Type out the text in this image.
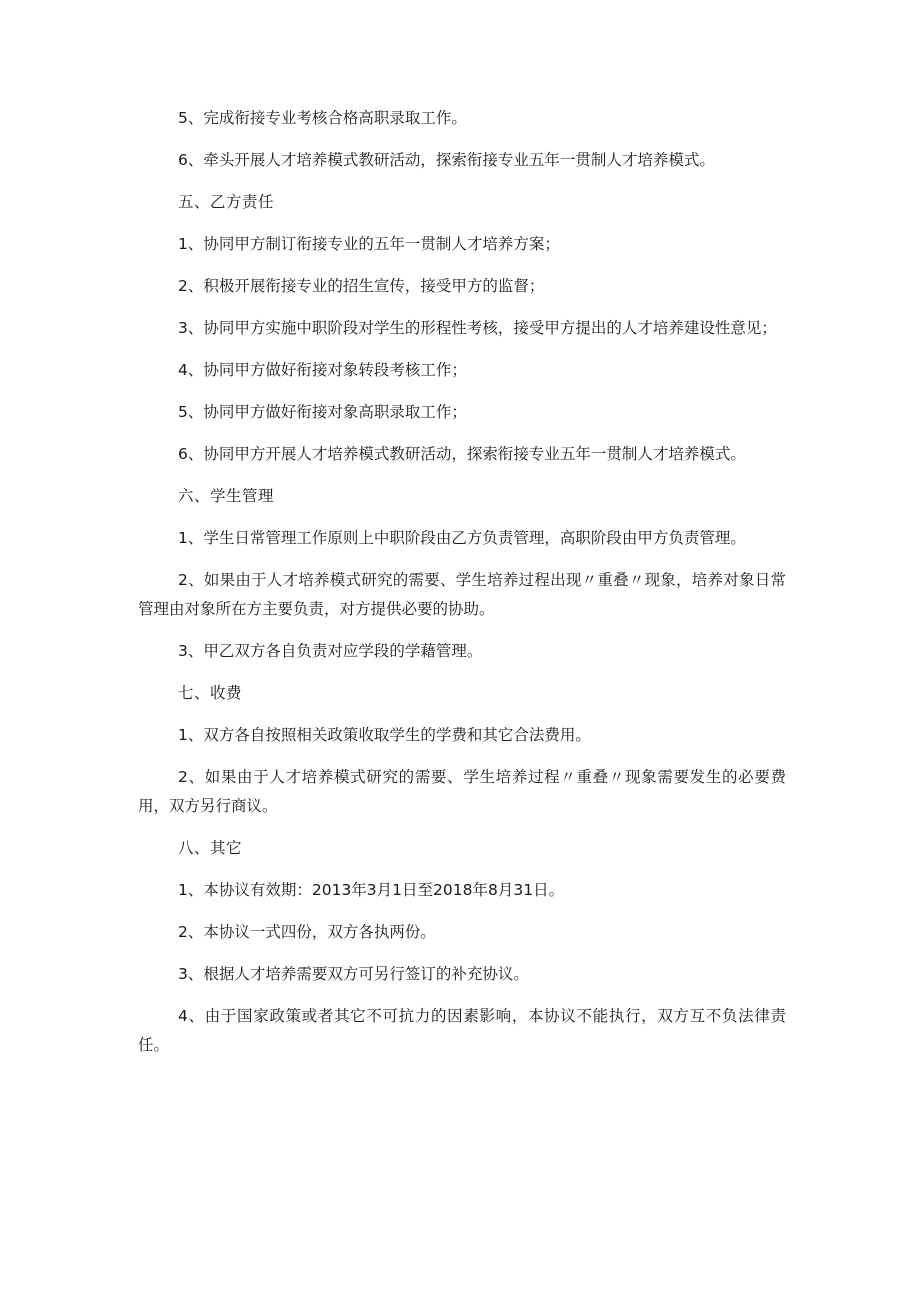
5、完成衔接专业考核合格高职录取工作。

6、牵头开展人才培养模式教研活动，探索衔接专业五年一贯制人才培养模式。

五、乙方责任

1、协同甲方制订衔接专业的五年一贯制人才培养方案；

2、积极开展衔接专业的招生宣传，接受甲方的监督；

3、协同甲方实施中职阶段对学生的形程性考核，接受甲方提出的人才培养建设性意见；

4、协同甲方做好衔接对象转段考核工作；

5、协同甲方做好衔接对象高职录取工作；

6、协同甲方开展人才培养模式教研活动，探索衔接专业五年一贯制人才培养模式。

六、学生管理

1、学生日常管理工作原则上中职阶段由乙方负责管理，高职阶段由甲方负责管理。

2、如果由于人才培养模式研究的需要、学生培养过程出现〃重叠〃现象，培养对象日常管理由对象所在方主要负责，对方提供必要的协助。

3、甲乙双方各自负责对应学段的学藉管理。

七、收费

1、双方各自按照相关政策收取学生的学费和其它合法费用。

2、如果由于人才培养模式研究的需要、学生培养过程〃重叠〃现象需要发生的必要费用，双方另行商议。

八、其它

1、本协议有效期：2013年3月1日至2018年8月31日。

2、本协议一式四份，双方各执两份。

3、根据人才培养需要双方可另行签订的补充协议。

4、由于国家政策或者其它不可抗力的因素影响，本协议不能执行，双方互不负法律责任。
